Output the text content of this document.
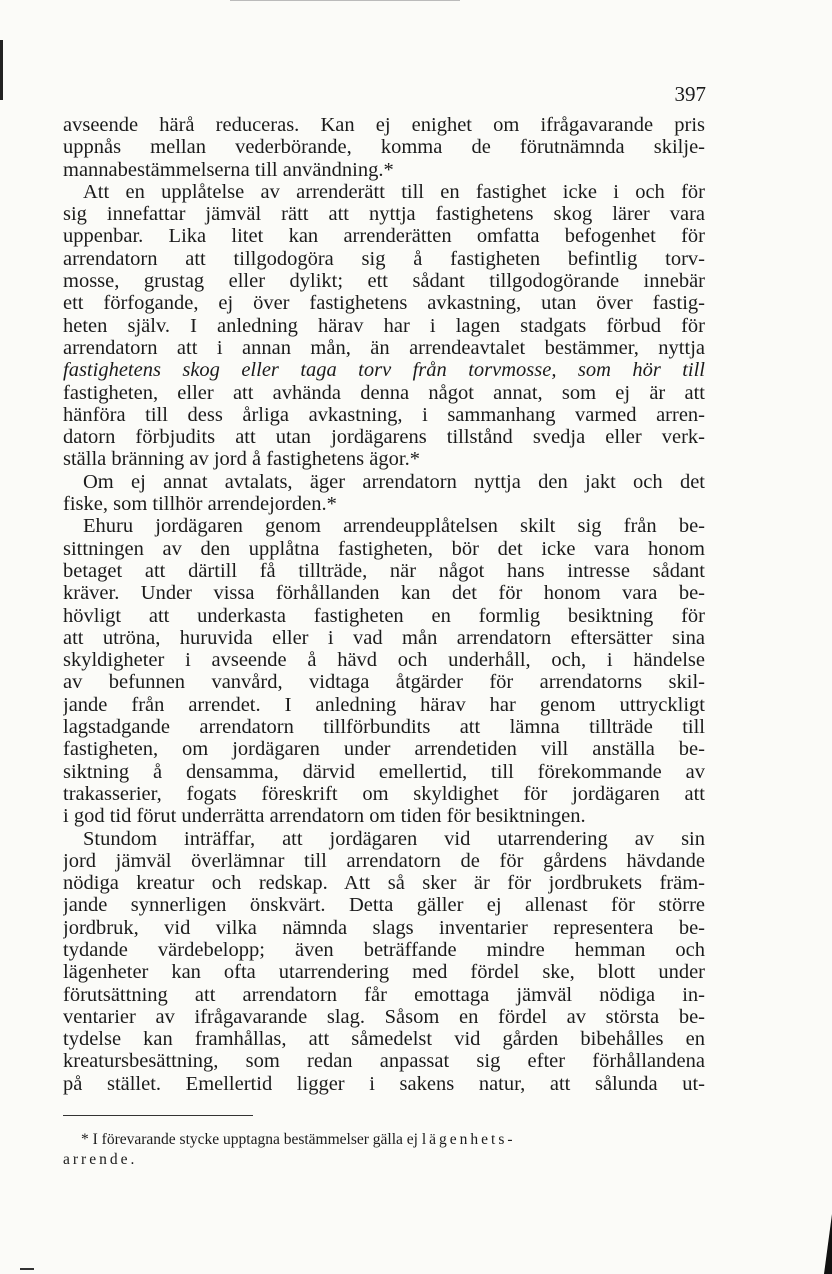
397
avseende härå reduceras. Kan ej enighet om ifrågavarande pris
uppnås mellan vederbörande, komma de förutnämnda skilje-
mannabestämmelserna till användning.*
Att en upplåtelse av arrenderätt till en fastighet icke i och för
sig innefattar jämväl rätt att nyttja fastighetens skog lärer vara
uppenbar. Lika litet kan arrenderätten omfatta befogenhet för
arrendatorn att tillgodogöra sig å fastigheten befintlig torv-
mosse, grustag eller dylikt; ett sådant tillgodogörande innebär
ett förfogande, ej över fastighetens avkastning, utan över fastig-
heten själv. I anledning härav har i lagen stadgats förbud för
arrendatorn att i annan mån, än arrendeavtalet bestämmer, nyttja
fastighetens skog eller taga torv från torvmosse, som hör till
fastigheten, eller att avhända denna något annat, som ej är att
hänföra till dess årliga avkastning, i sammanhang varmed arren-
datorn förbjudits att utan jordägarens tillstånd svedja eller verk-
ställa bränning av jord å fastighetens ägor.*
Om ej annat avtalats, äger arrendatorn nyttja den jakt och det
fiske, som tillhör arrendejorden.*
Ehuru jordägaren genom arrendeupplåtelsen skilt sig från be-
sittningen av den upplåtna fastigheten, bör det icke vara honom
betaget att därtill få tillträde, när något hans intresse sådant
kräver. Under vissa förhållanden kan det för honom vara be-
hövligt att underkasta fastigheten en formlig besiktning för
att utröna, huruvida eller i vad mån arrendatorn eftersätter sina
skyldigheter i avseende å hävd och underhåll, och, i händelse
av befunnen vanvård, vidtaga åtgärder för arrendatorns skil-
jande från arrendet. I anledning härav har genom uttryckligt
lagstadgande arrendatorn tillförbundits att lämna tillträde till
fastigheten, om jordägaren under arrendetiden vill anställa be-
siktning å densamma, därvid emellertid, till förekommande av
trakasserier, fogats föreskrift om skyldighet för jordägaren att
i god tid förut underrätta arrendatorn om tiden för besiktningen.
Stundom inträffar, att jordägaren vid utarrendering av sin
jord jämväl överlämnar till arrendatorn de för gårdens hävdande
nödiga kreatur och redskap. Att så sker är för jordbrukets främ-
jande synnerligen önskvärt. Detta gäller ej allenast för större
jordbruk, vid vilka nämnda slags inventarier representera be-
tydande värdebelopp; även beträffande mindre hemman och
lägenheter kan ofta utarrendering med fördel ske, blott under
förutsättning att arrendatorn får emottaga jämväl nödiga in-
ventarier av ifrågavarande slag. Såsom en fördel av största be-
tydelse kan framhållas, att såmedelst vid gården bibehålles en
kreatursbesättning, som redan anpassat sig efter förhållandena
på stället. Emellertid ligger i sakens natur, att sålunda ut-
* I förevarande stycke upptagna bestämmelser gälla ej lägenhets-
arrende.
